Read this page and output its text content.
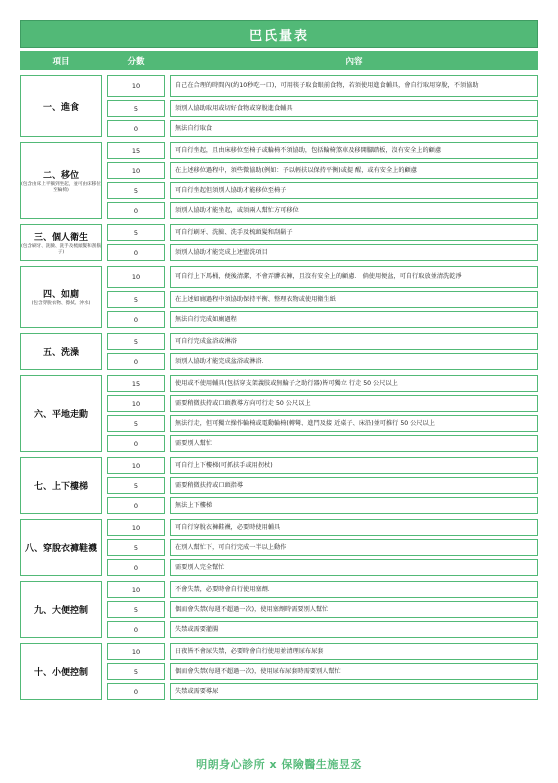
巴氏量表
項目	分數	內容
一、進食
10	自己在合理的時間內(約10秒吃一口)，可用筷子取食眼前食物，若須使用進食輔具，會自行取用穿脫，不須協助
5	須別人協助取用或切好食物或穿脫進食輔具
0	無法自行取食
二、移位
(包含由床上平躺到坐起，並可由床移位至輪椅)
15	可自行坐起，且由床移位至椅子或輪椅不須協助，包括輪椅煞車及移開腳踏板，沒有安全上的顧慮
10	在上述移位過程中，須些微協助(例如：予以輕扶以保持平衡)或提 醒，或有安全上的顧慮
5	可自行坐起但須別人協助才能移位至椅子
0	須別人協助才能坐起，或須兩人幫忙方可移位
三、個人衛生
(包含刷牙、洗臉、洗手及梳頭髮和刮鬍子)
5	可自行刷牙、洗臉、洗手及梳頭髮和刮鬍子
0	須別人協助才能完成上述盥洗項目
四、如廁
(包含穿脫衣物、擦拭、沖水)
10	可自行上下馬桶，便後清潔，不會弄髒衣褲，且沒有安全上的顧慮． 倘使用便盆，可自行取放並清洗乾淨
5	在上述如廁過程中須協助保持平衡、整理衣物或使用衛生紙
0	無法自行完成如廁過程
五、洗澡
5	可自行完成盆浴或淋浴
0	須別人協助才能完成盆浴或淋浴．
六、平地走動
15	使用或不使用輔具(包括穿支架義肢或無輪子之助行器)皆可獨立 行走 50 公尺以上
10	需要稍微扶持或口頭教導方向可行走 50 公尺以上
5	無法行走，但可獨立操作輪椅或電動輪椅(轉彎、進門及接 近桌子、床沿)並可推行 50 公尺以上
0	需要別人幫忙
七、上下樓梯
10	可自行上下樓梯(可抓扶手或用拐杖)
5	需要稍微扶持或口頭指導
0	無法上下樓梯
八、穿脫衣褲鞋襪
10	可自行穿脫衣褲鞋襪，必要時使用輔具
5	在別人幫忙下，可自行完成一半以上動作
0	需要別人完全幫忙
九、大便控制
10	不會失禁，必要時會自行使用塞劑．
5	偶而會失禁(每週不超過一次)，使用塞劑時需要別人幫忙
0	失禁或需要灌腸
十、小便控制
10	日夜皆不會尿失禁，必要時會自行使用並清理尿布尿套
5	偶而會失禁(每週不超過一次)，使用尿布尿套時需要別人幫忙
0	失禁或需要導尿
明朗身心診所 x 保險醫生施昱丞
